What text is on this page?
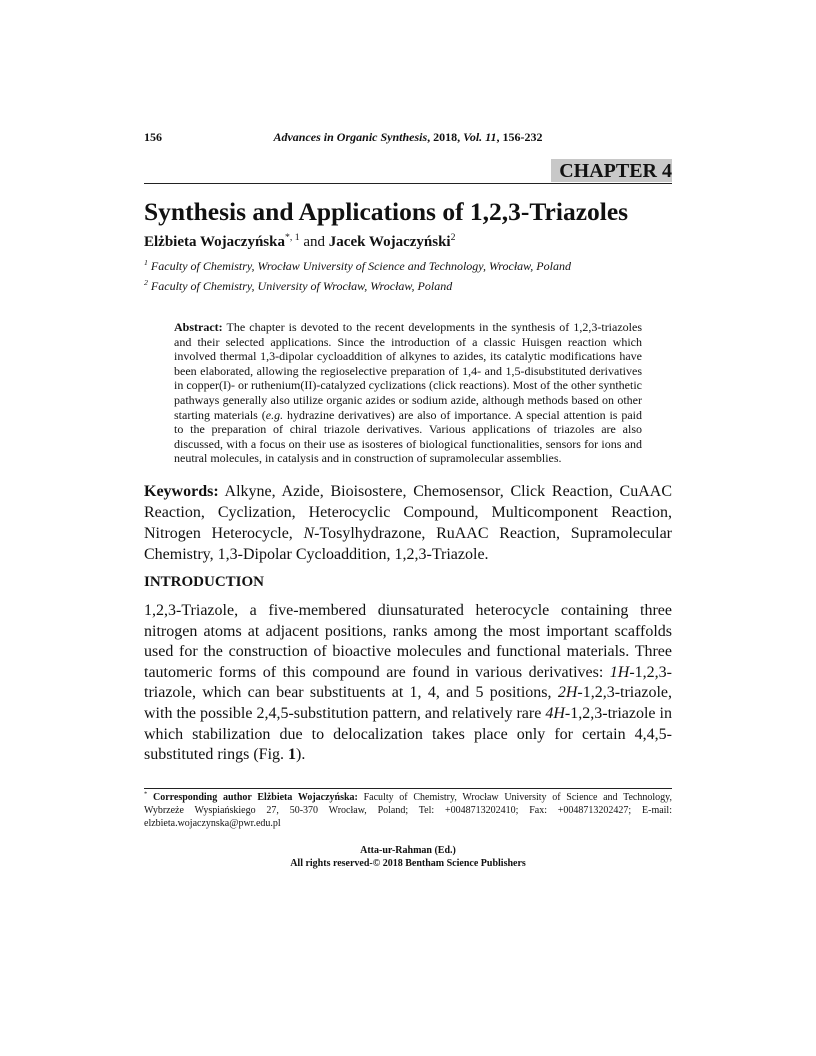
156	Advances in Organic Synthesis, 2018, Vol. 11, 156-232
CHAPTER 4
Synthesis and Applications of 1,2,3-Triazoles
Elżbieta Wojaczyńska$^{*, 1}$ and Jacek Wojaczyński$^2$
$^1$ Faculty of Chemistry, Wrocław University of Science and Technology, Wrocław, Poland
$^2$ Faculty of Chemistry, University of Wrocław, Wrocław, Poland
Abstract: The chapter is devoted to the recent developments in the synthesis of 1,2,3-triazoles and their selected applications. Since the introduction of a classic Huisgen reaction which involved thermal 1,3-dipolar cycloaddition of alkynes to azides, its catalytic modifications have been elaborated, allowing the regioselective preparation of 1,4- and 1,5-disubstituted derivatives in copper(I)- or ruthenium(II)-catalyzed cyclizations (click reactions). Most of the other synthetic pathways generally also utilize organic azides or sodium azide, although methods based on other starting materials (e.g. hydrazine derivatives) are also of importance. A special attention is paid to the preparation of chiral triazole derivatives. Various applications of triazoles are also discussed, with a focus on their use as isosteres of biological functionalities, sensors for ions and neutral molecules, in catalysis and in construction of supramolecular assemblies.
Keywords: Alkyne, Azide, Bioisostere, Chemosensor, Click Reaction, CuAAC Reaction, Cyclization, Heterocyclic Compound, Multicomponent Reaction, Nitrogen Heterocycle, N-Tosylhydrazone, RuAAC Reaction, Supramolecular Chemistry, 1,3-Dipolar Cycloaddition, 1,2,3-Triazole.
INTRODUCTION
1,2,3-Triazole, a five-membered diunsaturated heterocycle containing three nitrogen atoms at adjacent positions, ranks among the most important scaffolds used for the construction of bioactive molecules and functional materials. Three tautomeric forms of this compound are found in various derivatives: 1H-1,2,3-triazole, which can bear substituents at 1, 4, and 5 positions, 2H-1,2,3-triazole, with the possible 2,4,5-substitution pattern, and relatively rare 4H-1,2,3-triazole in which stabilization due to delocalization takes place only for certain 4,4,5-substituted rings (Fig. 1).
* Corresponding author Elżbieta Wojaczyńska: Faculty of Chemistry, Wrocław University of Science and Technology, Wybrzeże Wyspiańskiego 27, 50-370 Wrocław, Poland; Tel: +0048713202410; Fax: +0048713202427; E-mail: elzbieta.wojaczynska@pwr.edu.pl
Atta-ur-Rahman (Ed.)
All rights reserved-© 2018 Bentham Science Publishers
